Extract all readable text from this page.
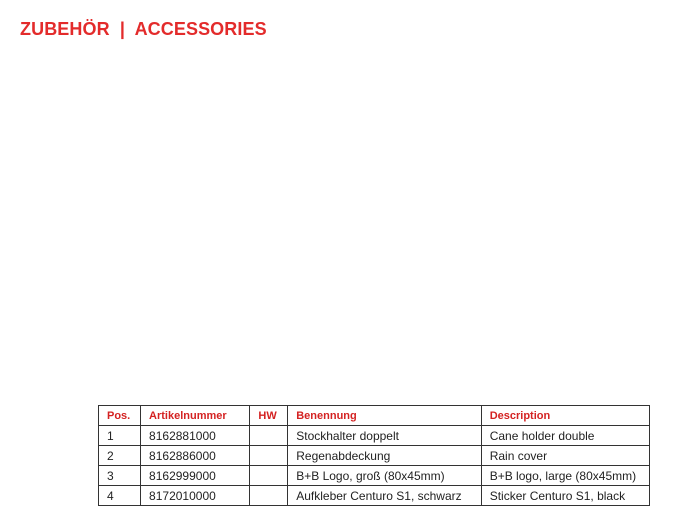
ZUBEHÖR  |  ACCESSORIES
Pos.	Artikelnummer	HW	Benennung	Description
1	8162881000		Stockhalter doppelt	Cane holder double
2	8162886000		Regenabdeckung	Rain cover
3	8162999000		B+B Logo, groß (80x45mm)	B+B logo, large (80x45mm)
4	8172010000		Aufkleber Centuro S1, schwarz	Sticker Centuro S1, black
